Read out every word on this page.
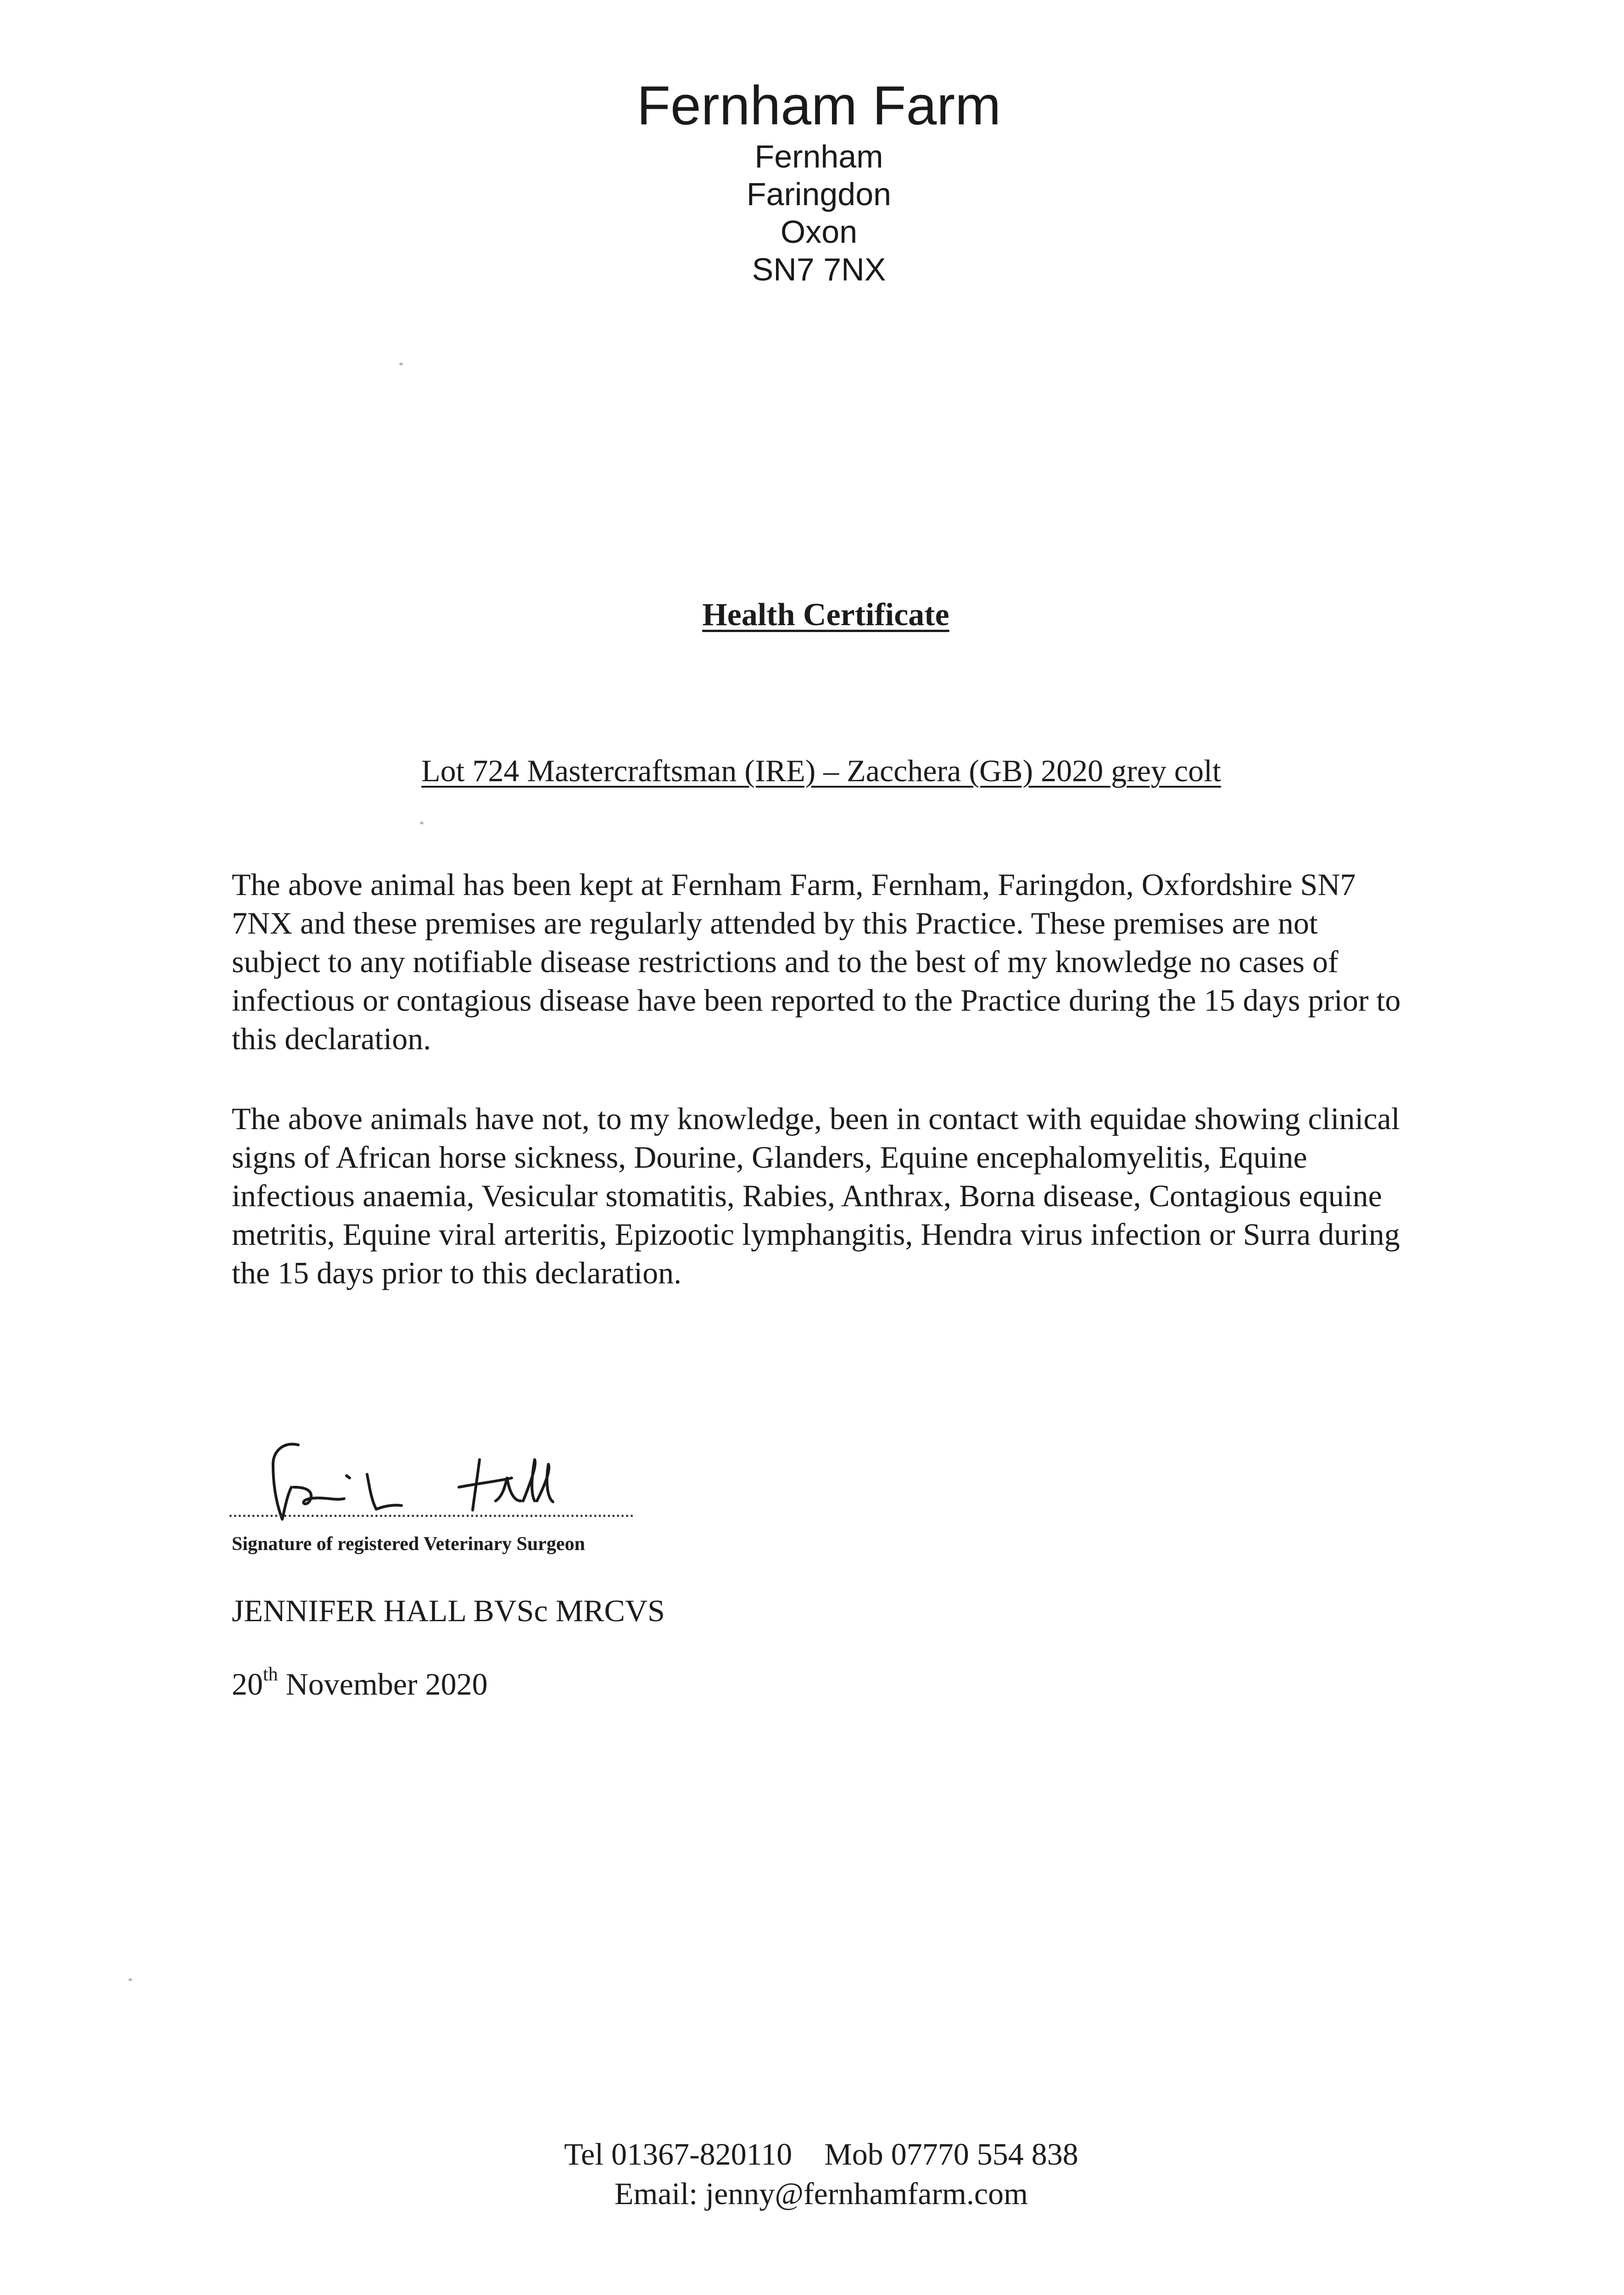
Fernham Farm
Fernham
Faringdon
Oxon
SN7 7NX
Health Certificate
Lot 724 Mastercraftsman (IRE) – Zacchera (GB) 2020 grey colt
The above animal has been kept at Fernham Farm, Fernham, Faringdon, Oxfordshire SN7 7NX and these premises are regularly attended by this Practice. These premises are not subject to any notifiable disease restrictions and to the best of my knowledge no cases of infectious or contagious disease have been reported to the Practice during the 15 days prior to this declaration.
The above animals have not, to my knowledge, been in contact with equidae showing clinical signs of African horse sickness, Dourine, Glanders, Equine encephalomyelitis, Equine infectious anaemia, Vesicular stomatitis, Rabies, Anthrax, Borna disease, Contagious equine metritis, Equine viral arteritis, Epizootic lymphangitis, Hendra virus infection or Surra during the 15 days prior to this declaration.
Signature of registered Veterinary Surgeon
JENNIFER HALL BVSc MRCVS
20th November 2020
Tel 01367-820110 Mob 07770 554 838
Email: jenny@fernhamfarm.com
